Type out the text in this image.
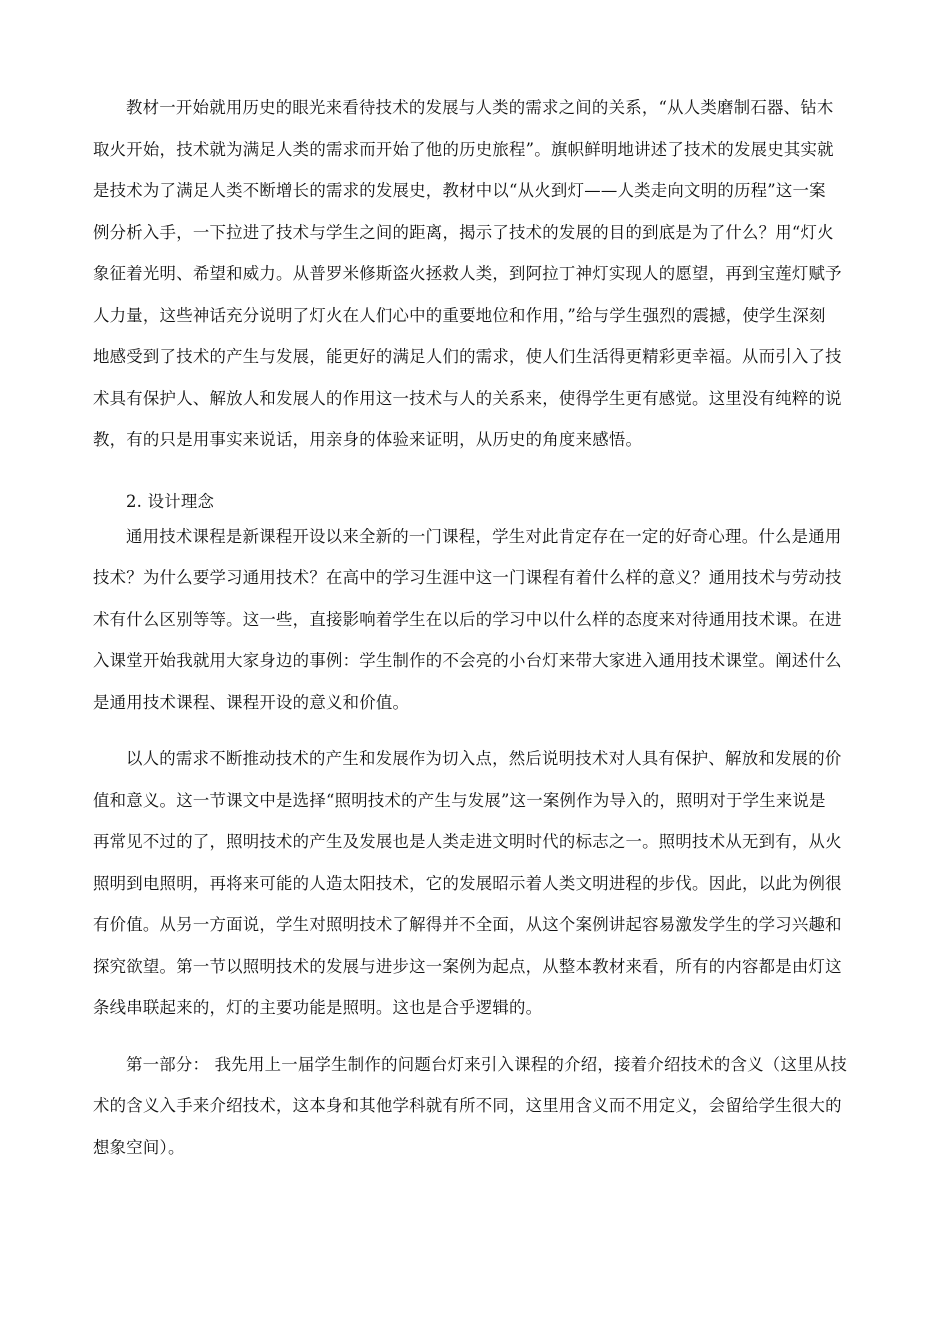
教材一开始就用历史的眼光来看待技术的发展与人类的需求之间的关系，“从人类磨制石器、钻木
取火开始，技术就为满足人类的需求而开始了他的历史旅程”。旗帜鲜明地讲述了技术的发展史其实就
是技术为了满足人类不断增长的需求的发展史，教材中以“从火到灯——人类走向文明的历程”这一案
例分析入手，一下拉进了技术与学生之间的距离，揭示了技术的发展的目的到底是为了什么？用“灯火
象征着光明、希望和威力。从普罗米修斯盗火拯救人类，到阿拉丁神灯实现人的愿望，再到宝莲灯赋予
人力量，这些神话充分说明了灯火在人们心中的重要地位和作用，”给与学生强烈的震撼，使学生深刻
地感受到了技术的产生与发展，能更好的满足人们的需求，使人们生活得更精彩更幸福。从而引入了技
术具有保护人、解放人和发展人的作用这一技术与人的关系来，使得学生更有感觉。这里没有纯粹的说
教，有的只是用事实来说话，用亲身的体验来证明，从历史的角度来感悟。
2. 设计理念
通用技术课程是新课程开设以来全新的一门课程，学生对此肯定存在一定的好奇心理。什么是通用
技术？为什么要学习通用技术？在高中的学习生涯中这一门课程有着什么样的意义？通用技术与劳动技
术有什么区别等等。这一些，直接影响着学生在以后的学习中以什么样的态度来对待通用技术课。在进
入课堂开始我就用大家身边的事例：学生制作的不会亮的小台灯来带大家进入通用技术课堂。阐述什么
是通用技术课程、课程开设的意义和价值。
以人的需求不断推动技术的产生和发展作为切入点，然后说明技术对人具有保护、解放和发展的价
值和意义。这一节课文中是选择“照明技术的产生与发展”这一案例作为导入的，照明对于学生来说是
再常见不过的了，照明技术的产生及发展也是人类走进文明时代的标志之一。照明技术从无到有，从火
照明到电照明，再将来可能的人造太阳技术，它的发展昭示着人类文明进程的步伐。因此，以此为例很
有价值。从另一方面说，学生对照明技术了解得并不全面，从这个案例讲起容易激发学生的学习兴趣和
探究欲望。第一节以照明技术的发展与进步这一案例为起点，从整本教材来看，所有的内容都是由灯这
条线串联起来的，灯的主要功能是照明。这也是合乎逻辑的。
第一部分： 我先用上一届学生制作的问题台灯来引入课程的介绍，接着介绍技术的含义（这里从技
术的含义入手来介绍技术，这本身和其他学科就有所不同，这里用含义而不用定义，会留给学生很大的
想象空间）。
